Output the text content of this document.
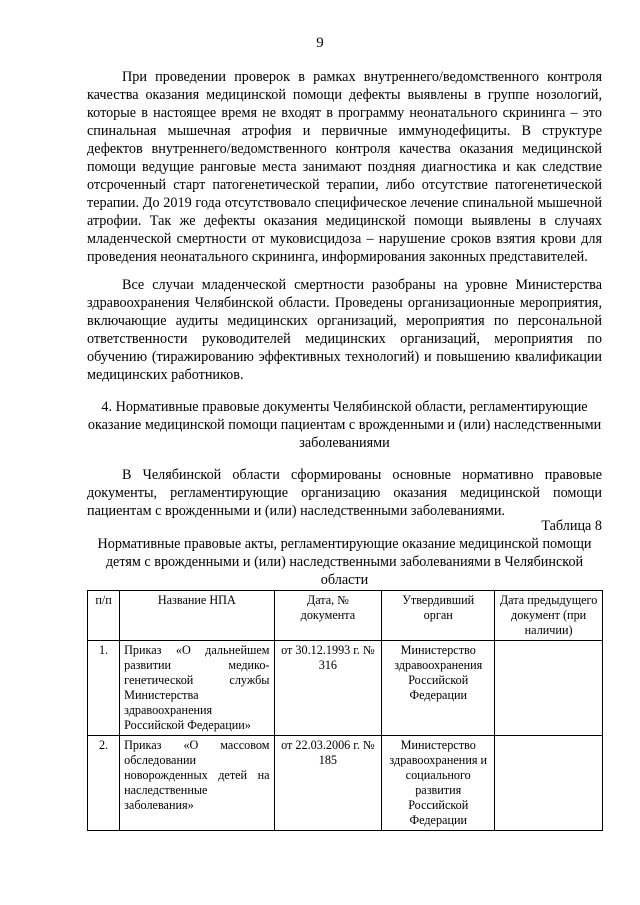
9

При проведении проверок в рамках внутреннего/ведомственного контроля качества оказания медицинской помощи дефекты выявлены в группе нозологий, которые в настоящее время не входят в программу неонатального скрининга – это спинальная мышечная атрофия и первичные иммунодефициты. В структуре дефектов внутреннего/ведомственного контроля качества оказания медицинской помощи ведущие ранговые места занимают поздняя диагностика и как следствие отсроченный старт патогенетической терапии, либо отсутствие патогенетической терапии. До 2019 года отсутствовало специфическое лечение спинальной мышечной атрофии. Так же дефекты оказания медицинской помощи выявлены в случаях младенческой смертности от муковисцидоза – нарушение сроков взятия крови для проведения неонатального скрининга, информирования законных представителей.

Все случаи младенческой смертности разобраны на уровне Министерства здравоохранения Челябинской области. Проведены организационные мероприятия, включающие аудиты медицинских организаций, мероприятия по персональной ответственности руководителей медицинских организаций, мероприятия по обучению (тиражированию эффективных технологий) и повышению квалификации медицинских работников.

4. Нормативные правовые документы Челябинской области, регламентирующие оказание медицинской помощи пациентам с врожденными и (или) наследственными заболеваниями

В Челябинской области сформированы основные нормативно правовые документы, регламентирующие организацию оказания медицинской помощи пациентам с врожденными и (или) наследственными заболеваниями.

Таблица 8

Нормативные правовые акты, регламентирующие оказание медицинской помощи детям с врожденными и (или) наследственными заболеваниями в Челябинской области

п/п	Название НПА	Дата, № документа	Утвердивший орган	Дата предыдущего документ (при наличии)
1.	Приказ «О дальнейшем развитии медико-генетической службы Министерства здравоохранения Российской Федерации»	от 30.12.1993 г. № 316	Министерство здравоохранения Российской Федерации	
2.	Приказ «О массовом обследовании новорожденных детей на наследственные заболевания»	от 22.03.2006 г. № 185	Министерство здравоохранения и социального развития Российской Федерации	
